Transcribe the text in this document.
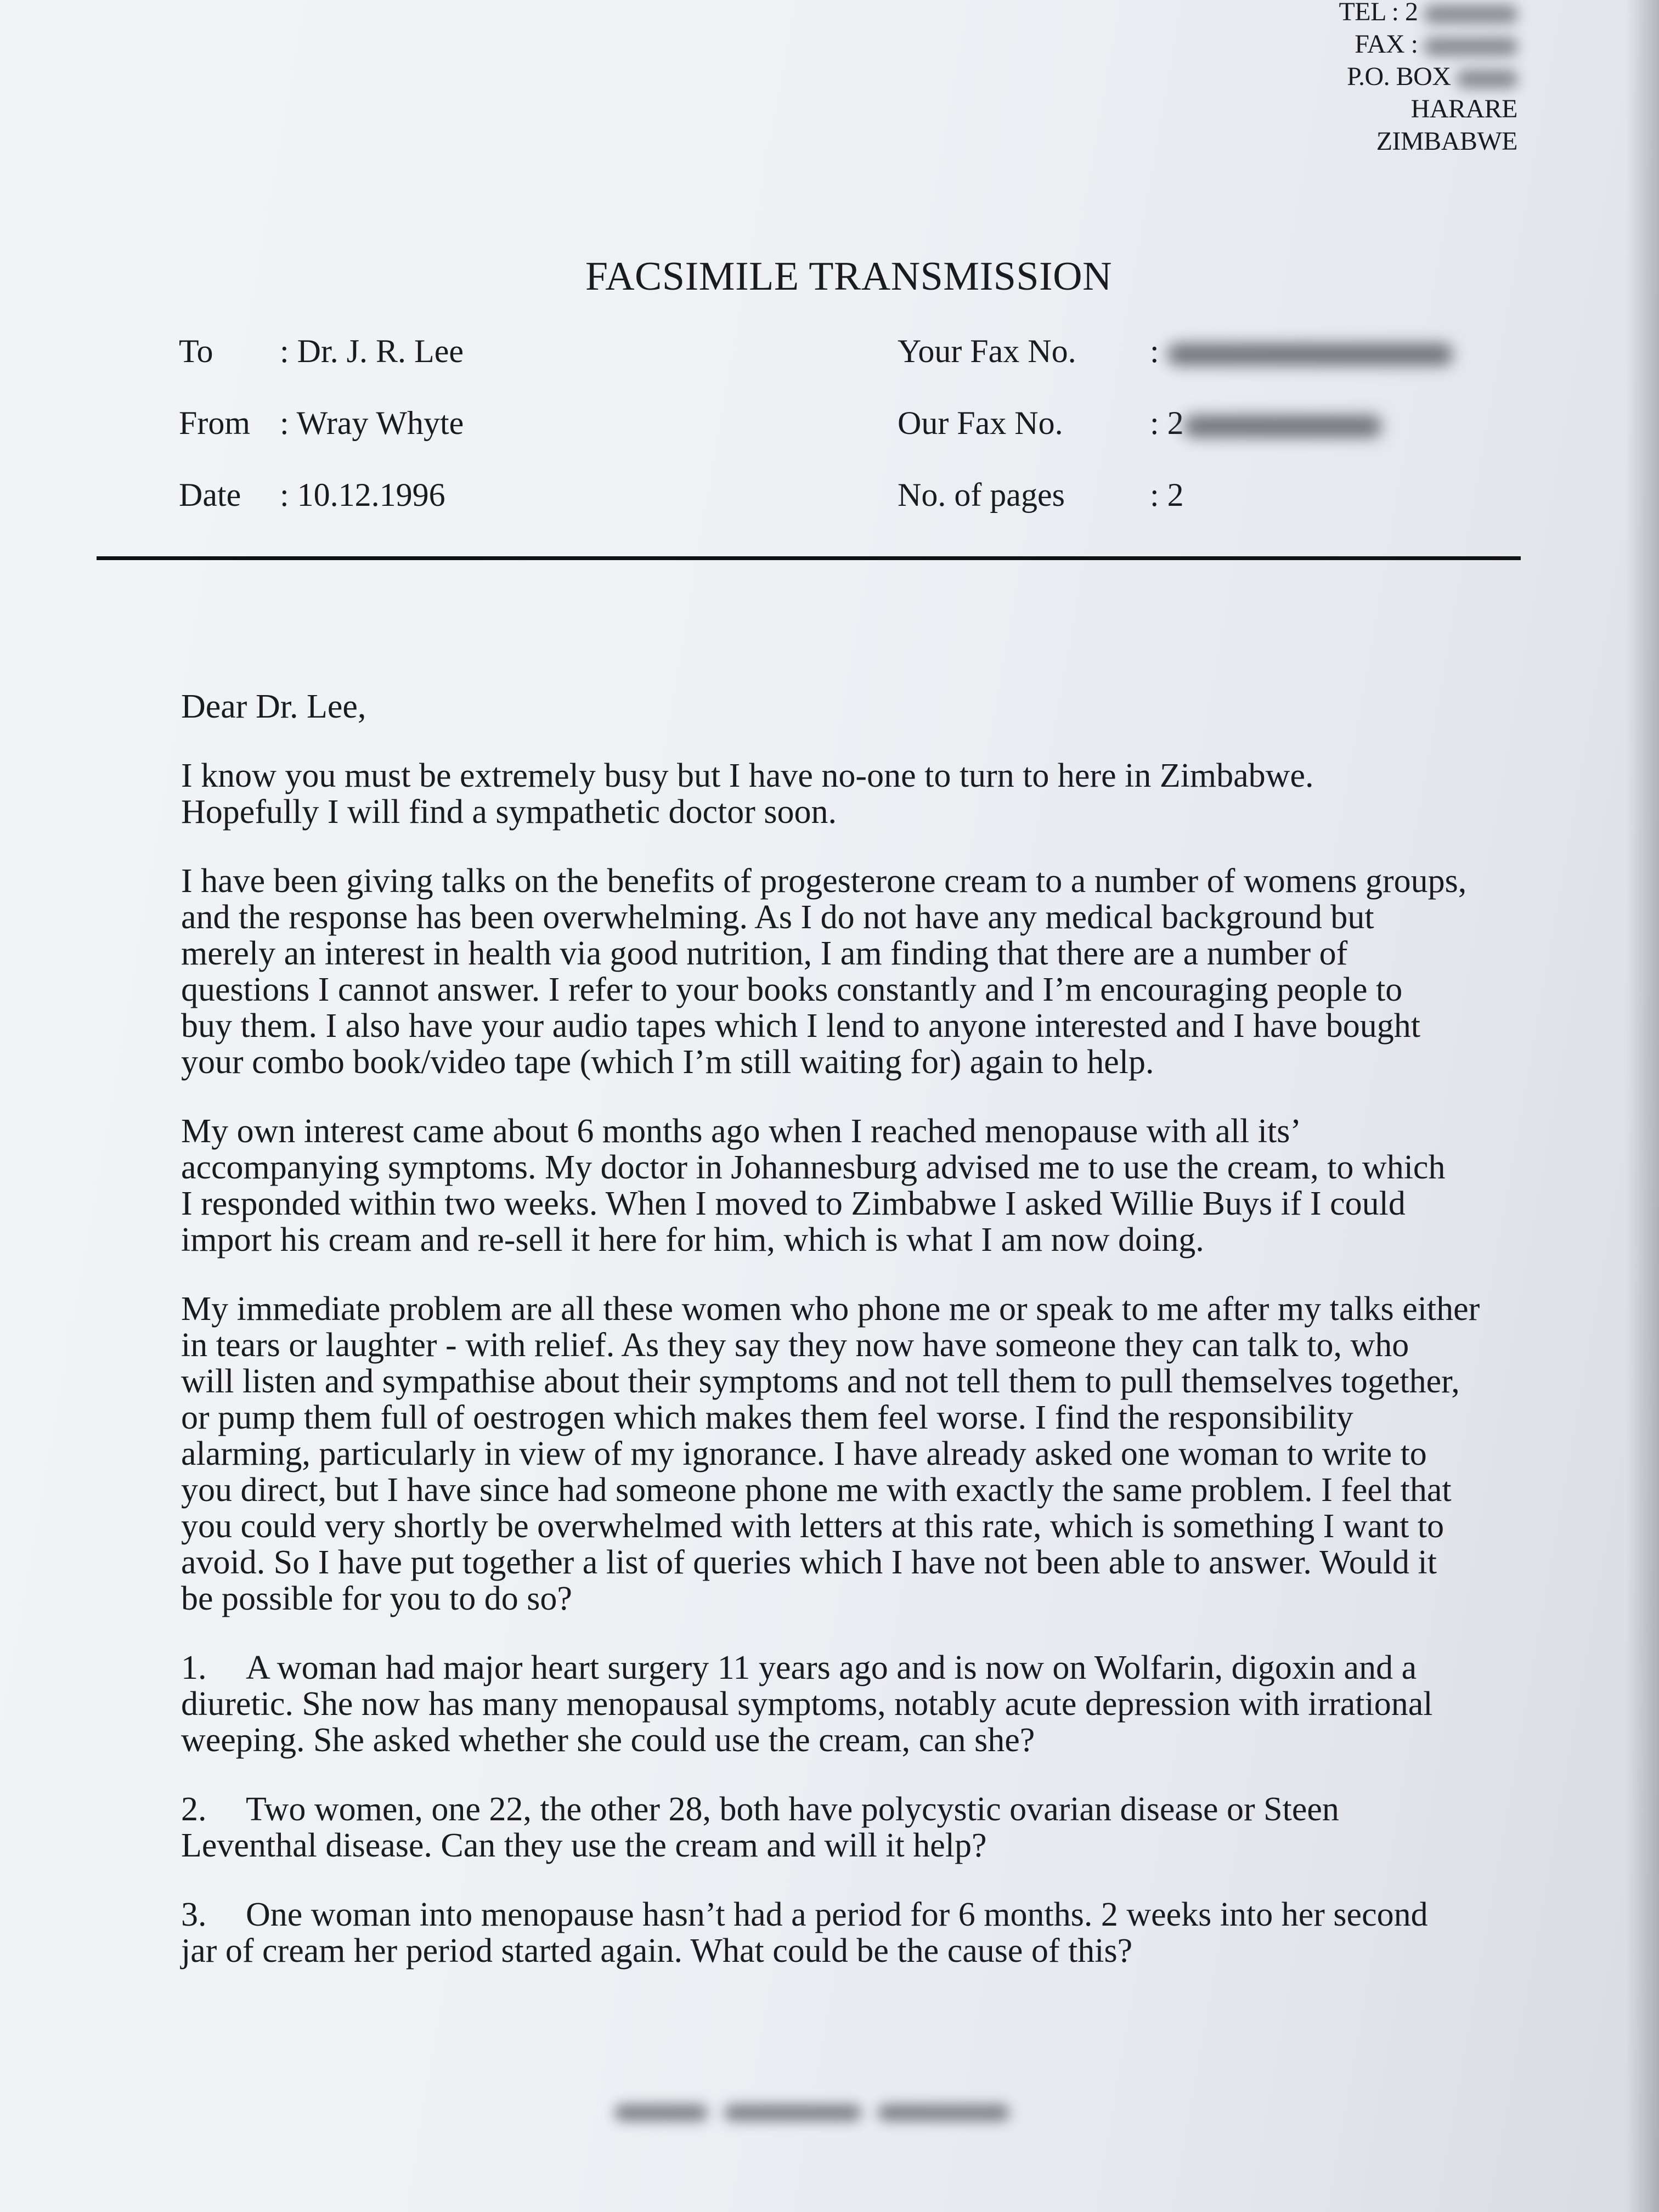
TEL : 2
FAX :
P.O. BOX
HARARE
ZIMBABWE
FACSIMILE TRANSMISSION
To : Dr. J. R. Lee
From : Wray Whyte
Date : 10.12.1996
Your Fax No. :
Our Fax No.	: 2
No. of pages	: 2

Dear Dr. Lee,

I know you must be extremely busy but I have no-one to turn to here in Zimbabwe.
Hopefully I will find a sympathetic doctor soon.

I have been giving talks on the benefits of progesterone cream to a number of womens groups,
and the response has been overwhelming. As I do not have any medical background but
merely an interest in health via good nutrition, I am finding that there are a number of
questions I cannot answer. I refer to your books constantly and I’m encouraging people to
buy them. I also have your audio tapes which I lend to anyone interested and I have bought
your combo book/video tape (which I’m still waiting for) again to help.

My own interest came about 6 months ago when I reached menopause with all its’
accompanying symptoms. My doctor in Johannesburg advised me to use the cream, to which
I responded within two weeks. When I moved to Zimbabwe I asked Willie Buys if I could
import his cream and re-sell it here for him, which is what I am now doing.

My immediate problem are all these women who phone me or speak to me after my talks either
in tears or laughter - with relief. As they say they now have someone they can talk to, who
will listen and sympathise about their symptoms and not tell them to pull themselves together,
or pump them full of oestrogen which makes them feel worse. I find the responsibility
alarming, particularly in view of my ignorance. I have already asked one woman to write to
you direct, but I have since had someone phone me with exactly the same problem. I feel that
you could very shortly be overwhelmed with letters at this rate, which is something I want to
avoid. So I have put together a list of queries which I have not been able to answer. Would it
be possible for you to do so?

1. A woman had major heart surgery 11 years ago and is now on Wolfarin, digoxin and a
diuretic. She now has many menopausal symptoms, notably acute depression with irrational
weeping. She asked whether she could use the cream, can she?

2. Two women, one 22, the other 28, both have polycystic ovarian disease or Steen
Leventhal disease. Can they use the cream and will it help?

3. One woman into menopause hasn’t had a period for 6 months. 2 weeks into her second
jar of cream her period started again. What could be the cause of this?
